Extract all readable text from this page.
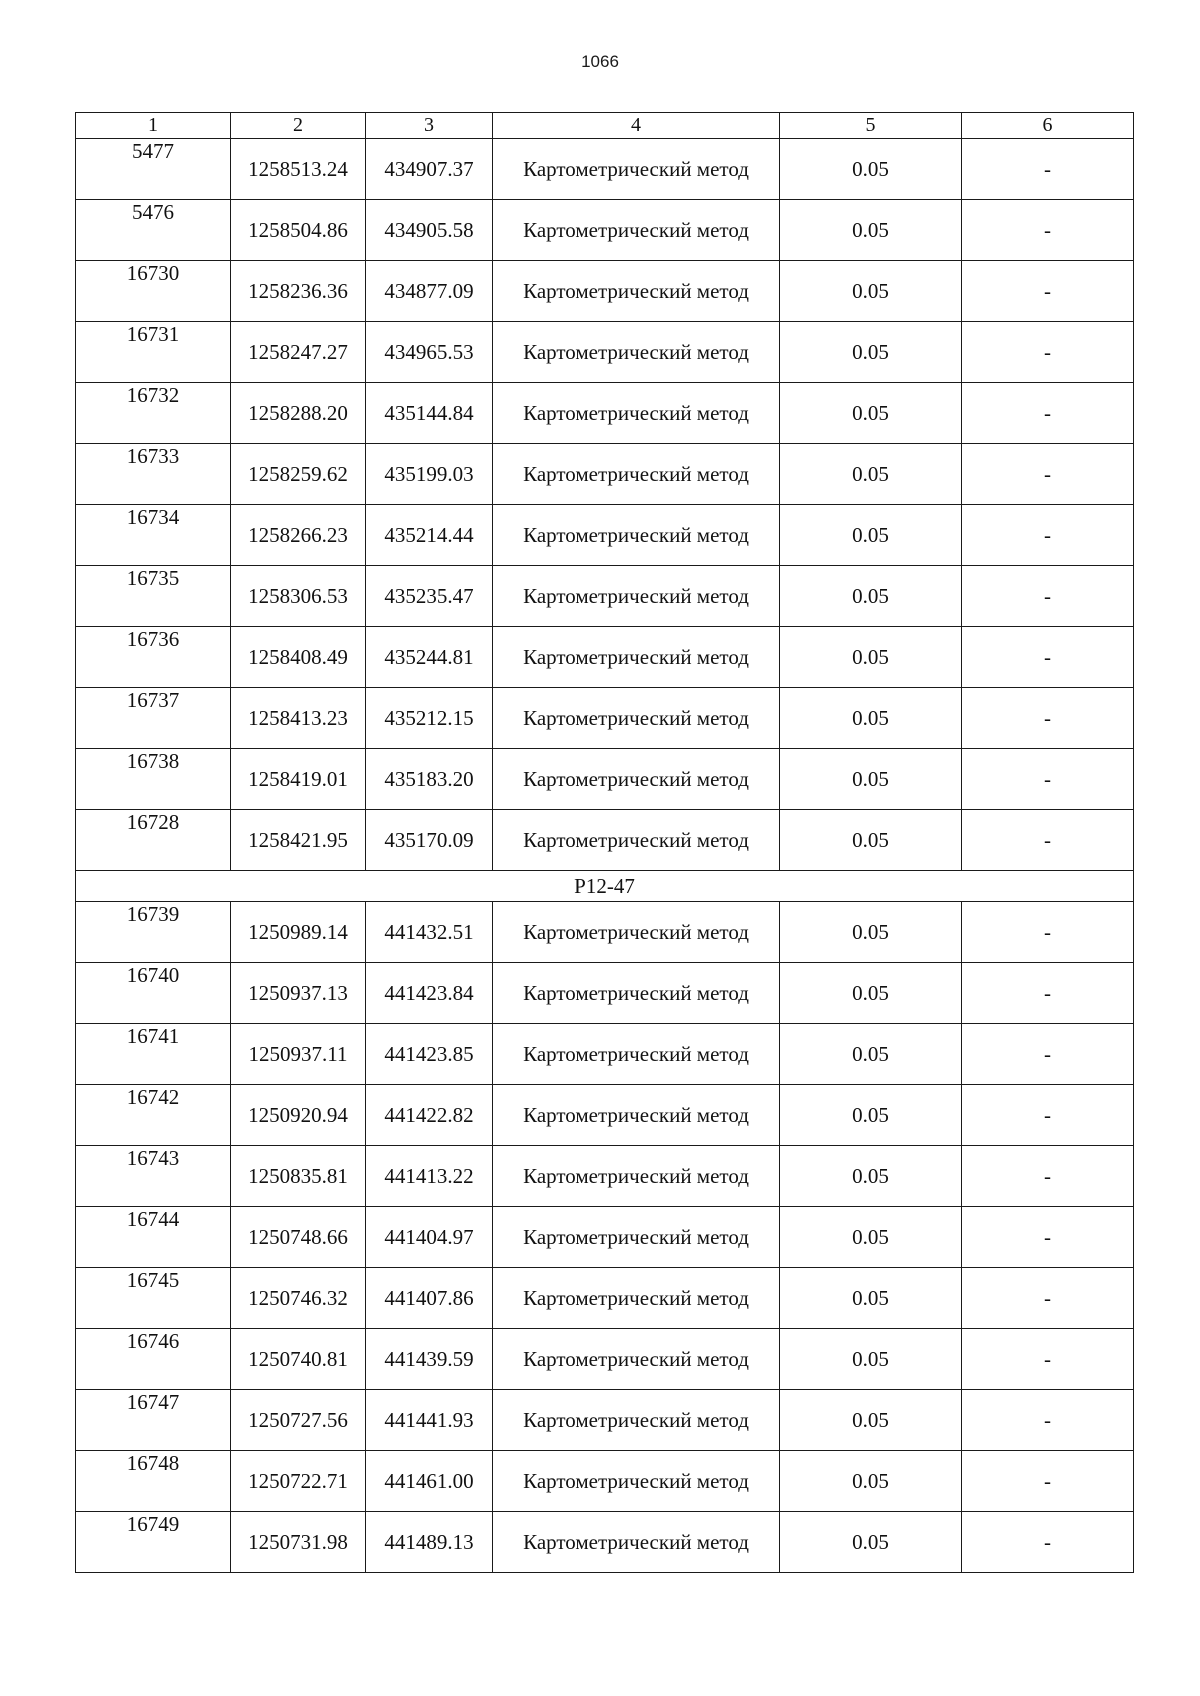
1066
1	2	3	4	5	6
5477	1258513.24	434907.37	Картометрический метод	0.05	-
5476	1258504.86	434905.58	Картометрический метод	0.05	-
16730	1258236.36	434877.09	Картометрический метод	0.05	-
16731	1258247.27	434965.53	Картометрический метод	0.05	-
16732	1258288.20	435144.84	Картометрический метод	0.05	-
16733	1258259.62	435199.03	Картометрический метод	0.05	-
16734	1258266.23	435214.44	Картометрический метод	0.05	-
16735	1258306.53	435235.47	Картометрический метод	0.05	-
16736	1258408.49	435244.81	Картометрический метод	0.05	-
16737	1258413.23	435212.15	Картометрический метод	0.05	-
16738	1258419.01	435183.20	Картометрический метод	0.05	-
16728	1258421.95	435170.09	Картометрический метод	0.05	-
P12-47					
16739	1250989.14	441432.51	Картометрический метод	0.05	-
16740	1250937.13	441423.84	Картометрический метод	0.05	-
16741	1250937.11	441423.85	Картометрический метод	0.05	-
16742	1250920.94	441422.82	Картометрический метод	0.05	-
16743	1250835.81	441413.22	Картометрический метод	0.05	-
16744	1250748.66	441404.97	Картометрический метод	0.05	-
16745	1250746.32	441407.86	Картометрический метод	0.05	-
16746	1250740.81	441439.59	Картометрический метод	0.05	-
16747	1250727.56	441441.93	Картометрический метод	0.05	-
16748	1250722.71	441461.00	Картометрический метод	0.05	-
16749	1250731.98	441489.13	Картометрический метод	0.05	-
